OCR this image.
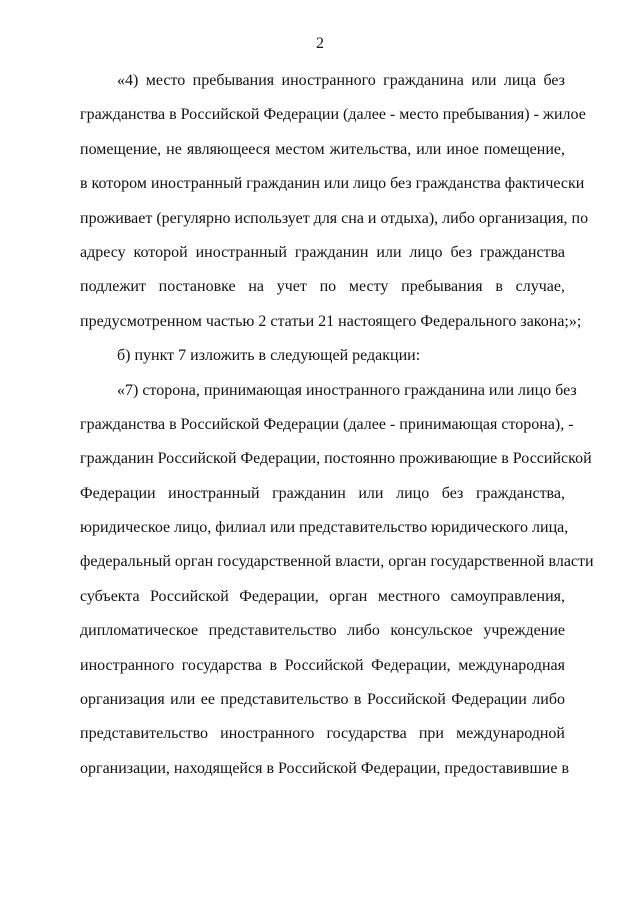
2
«4) место пребывания иностранного гражданина или лица без
гражданства в Российской Федерации (далее - место пребывания) - жилое
помещение, не являющееся местом жительства, или иное помещение,
в котором иностранный гражданин или лицо без гражданства фактически
проживает (регулярно использует для сна и отдыха), либо организация, по
адресу которой иностранный гражданин или лицо без гражданства
подлежит постановке на учет по месту пребывания в случае,
предусмотренном частью 2 статьи 21 настоящего Федерального закона;»;
б) пункт 7 изложить в следующей редакции:
«7) сторона, принимающая иностранного гражданина или лицо без
гражданства в Российской Федерации (далее - принимающая сторона), -
гражданин Российской Федерации, постоянно проживающие в Российской
Федерации иностранный гражданин или лицо без гражданства,
юридическое лицо, филиал или представительство юридического лица,
федеральный орган государственной власти, орган государственной власти
субъекта Российской Федерации, орган местного самоуправления,
дипломатическое представительство либо консульское учреждение
иностранного государства в Российской Федерации, международная
организация или ее представительство в Российской Федерации либо
представительство иностранного государства при международной
организации, находящейся в Российской Федерации, предоставившие в
